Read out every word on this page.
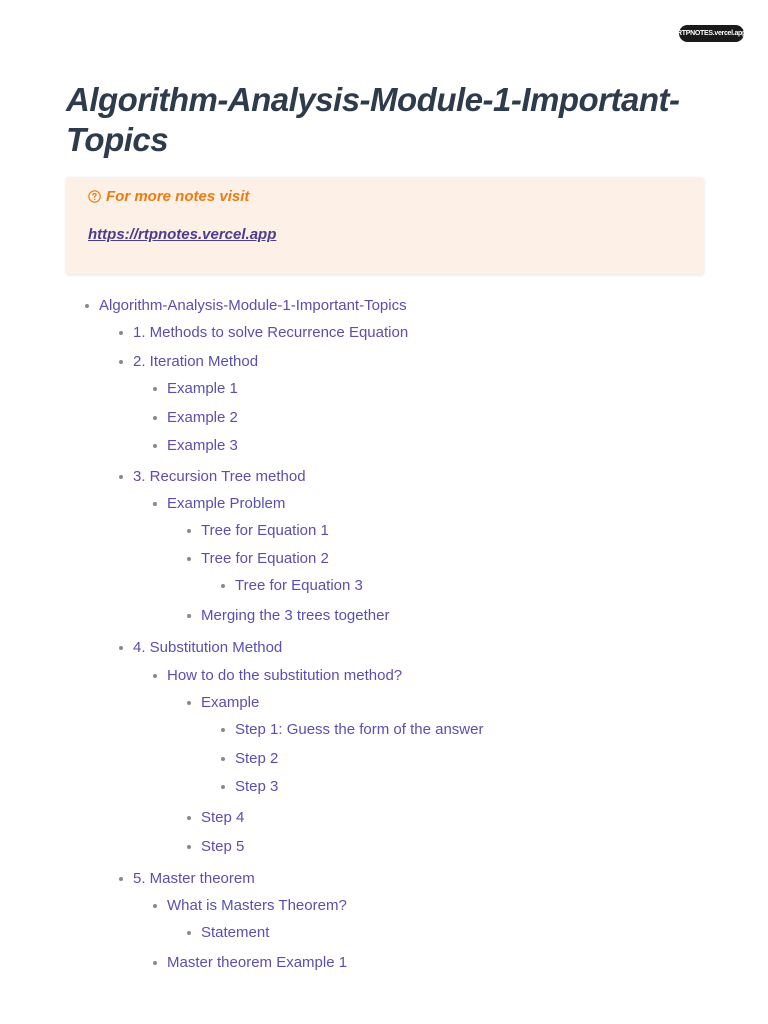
RTPNOTES.vercel.app
Algorithm-Analysis-Module-1-Important-Topics
For more notes visit
https://rtpnotes.vercel.app
Algorithm-Analysis-Module-1-Important-Topics
1. Methods to solve Recurrence Equation
2. Iteration Method
Example 1
Example 2
Example 3
3. Recursion Tree method
Example Problem
Tree for Equation 1
Tree for Equation 2
Tree for Equation 3
Merging the 3 trees together
4. Substitution Method
How to do the substitution method?
Example
Step 1: Guess the form of the answer
Step 2
Step 3
Step 4
Step 5
5. Master theorem
What is Masters Theorem?
Statement
Master theorem Example 1
